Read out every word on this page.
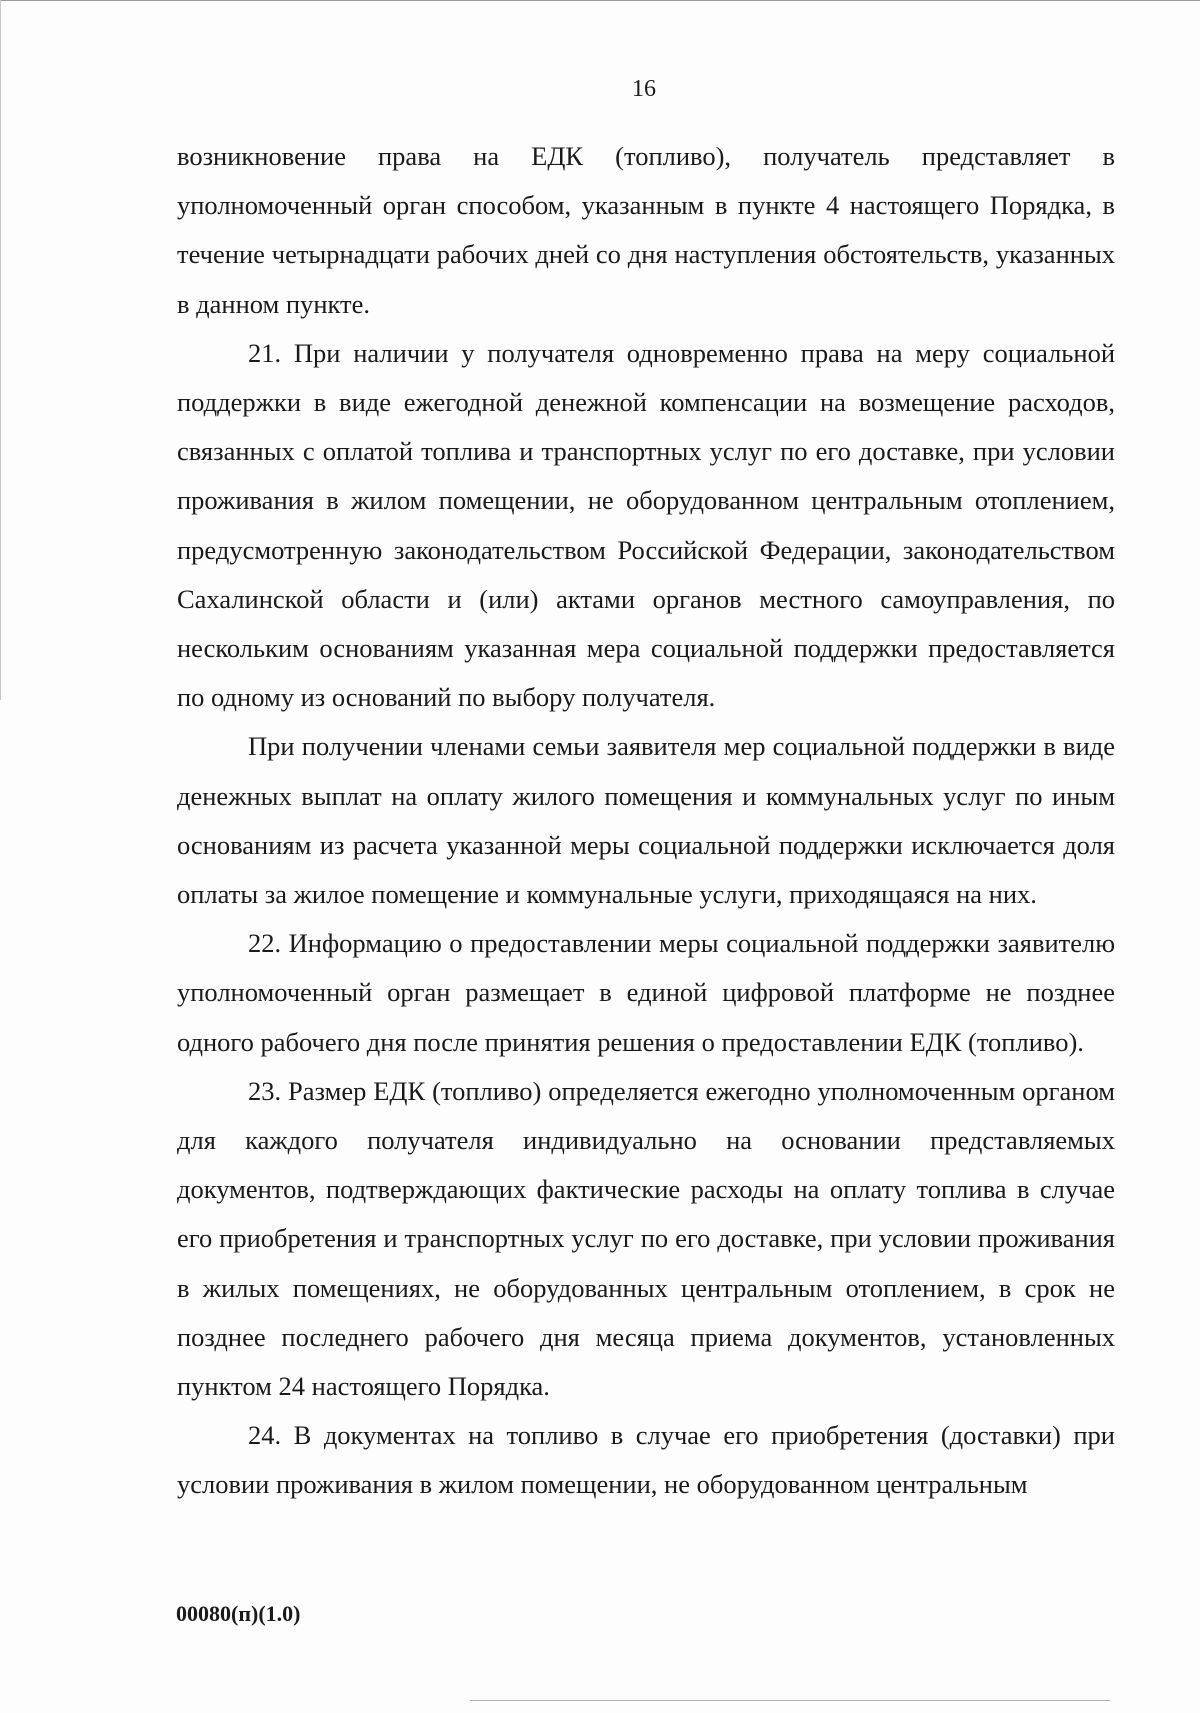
16

возникновение права на ЕДК (топливо), получатель представляет в уполномоченный орган способом, указанным в пункте 4 настоящего Порядка, в течение четырнадцати рабочих дней со дня наступления обстоятельств, указанных в данном пункте.

21. При наличии у получателя одновременно права на меру социальной поддержки в виде ежегодной денежной компенсации на возмещение расходов, связанных с оплатой топлива и транспортных услуг по его доставке, при условии проживания в жилом помещении, не оборудованном центральным отоплением, предусмотренную законодательством Российской Федерации, законодательством Сахалинской области и (или) актами органов местного самоуправления, по нескольким основаниям указанная мера социальной поддержки предоставляется по одному из оснований по выбору получателя.

При получении членами семьи заявителя мер социальной поддержки в виде денежных выплат на оплату жилого помещения и коммунальных услуг по иным основаниям из расчета указанной меры социальной поддержки исключается доля оплаты за жилое помещение и коммунальные услуги, приходящаяся на них.

22. Информацию о предоставлении меры социальной поддержки заявителю уполномоченный орган размещает в единой цифровой платформе не позднее одного рабочего дня после принятия решения о предоставлении ЕДК (топливо).

23. Размер ЕДК (топливо) определяется ежегодно уполномоченным органом для каждого получателя индивидуально на основании представляемых документов, подтверждающих фактические расходы на оплату топлива в случае его приобретения и транспортных услуг по его доставке, при условии проживания в жилых помещениях, не оборудованных центральным отоплением, в срок не позднее последнего рабочего дня месяца приема документов, установленных пунктом 24 настоящего Порядка.

24. В документах на топливо в случае его приобретения (доставки) при условии проживания в жилом помещении, не оборудованном центральным

00080(п)(1.0)
